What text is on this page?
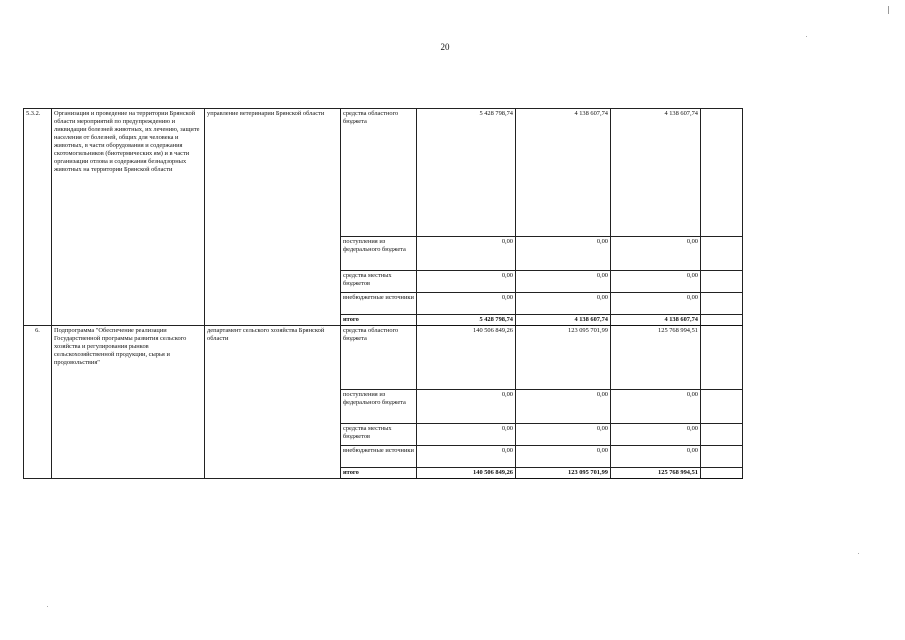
20
5.3.2.	Организация и проведение на территории Брянской области мероприятий по предупреждению и ликвидации болезней животных, их лечению, защите населения от болезней, общих для человека и животных, в части оборудования и содержания скотомогильников (биотермических ям) и в части организации отлова и содержания безнадзорных животных на территории Брянской области	управление ветеринарии Брянской области	средства областного бюджета	5 428 798,74	4 138 607,74	4 138 607,74	
			поступления из федерального бюджета	0,00	0,00	0,00	
			средства местных бюджетов	0,00	0,00	0,00	
			внебюджетные источники	0,00	0,00	0,00	
			итого	5 428 798,74	4 138 607,74	4 138 607,74	
6.	Подпрограмма "Обеспечение реализации Государственной программы развития сельского хозяйства и регулирования рынков сельскохозяйственной продукции, сырья и продовольствия"	департамент сельского хозяйства Брянской области	средства областного бюджета	140 506 849,26	123 095 701,99	125 768 994,51	
			поступления из федерального бюджета	0,00	0,00	0,00	
			средства местных бюджетов	0,00	0,00	0,00	
			внебюджетные источники	0,00	0,00	0,00	
			итого	140 506 849,26	123 095 701,99	125 768 994,51	
